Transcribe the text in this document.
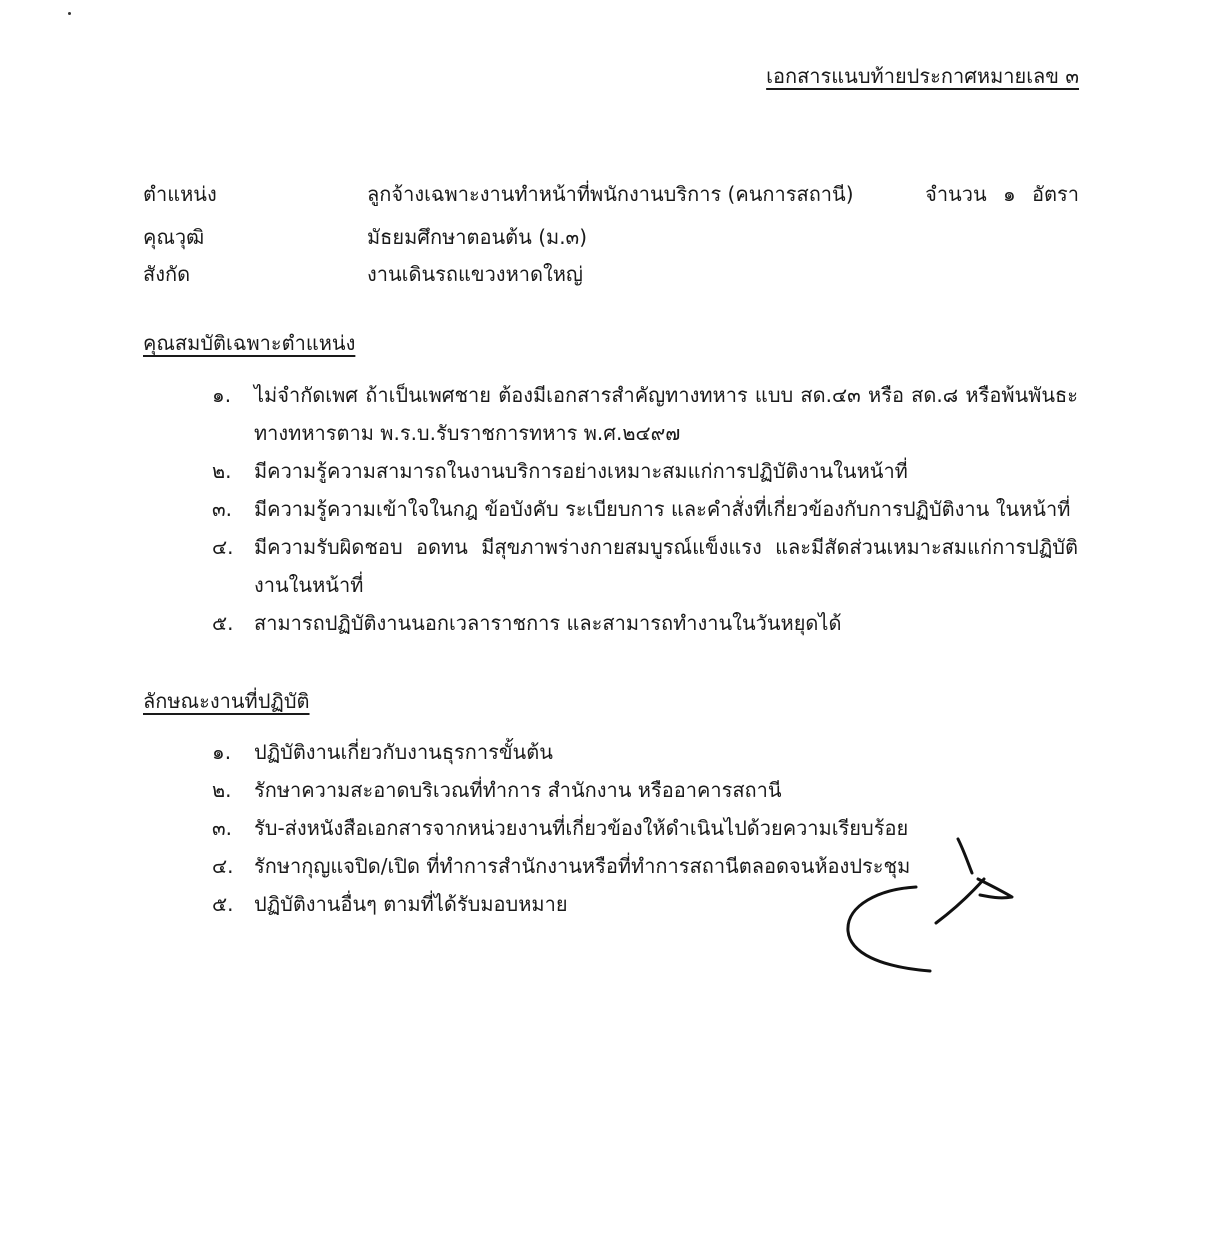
เอกสารแนบท้ายประกาศหมายเลข ๓
ตำแหน่ง	ลูกจ้างเฉพาะงานทำหน้าที่พนักงานบริการ (คนการสถานี)	จำนวน ๑ อัตรา
คุณวุฒิ	มัธยมศึกษาตอนต้น (ม.๓)
สังกัด	งานเดินรถแขวงหาดใหญ่
คุณสมบัติเฉพาะตำแหน่ง
๑. ไม่จำกัดเพศ ถ้าเป็นเพศชาย ต้องมีเอกสารสำคัญทางทหาร แบบ สด.๔๓ หรือ สด.๘ หรือพ้นพันธะทางทหารตาม พ.ร.บ.รับราชการทหาร พ.ศ.๒๔๙๗
๒. มีความรู้ความสามารถในงานบริการอย่างเหมาะสมแก่การปฏิบัติงานในหน้าที่
๓. มีความรู้ความเข้าใจในกฎ ข้อบังคับ ระเบียบการ และคำสั่งที่เกี่ยวข้องกับการปฏิบัติงาน ในหน้าที่
๔. มีความรับผิดชอบ อดทน มีสุขภาพร่างกายสมบูรณ์แข็งแรง และมีสัดส่วนเหมาะสมแก่การปฏิบัติงานในหน้าที่
๕. สามารถปฏิบัติงานนอกเวลาราชการ และสามารถทำงานในวันหยุดได้
ลักษณะงานที่ปฏิบัติ
๑. ปฏิบัติงานเกี่ยวกับงานธุรการขั้นต้น
๒. รักษาความสะอาดบริเวณที่ทำการ สำนักงาน หรืออาคารสถานี
๓. รับ-ส่งหนังสือเอกสารจากหน่วยงานที่เกี่ยวข้องให้ดำเนินไปด้วยความเรียบร้อย
๔. รักษากุญแจปิด/เปิด ที่ทำการสำนักงานหรือที่ทำการสถานีตลอดจนห้องประชุม
๕. ปฏิบัติงานอื่นๆ ตามที่ได้รับมอบหมาย
